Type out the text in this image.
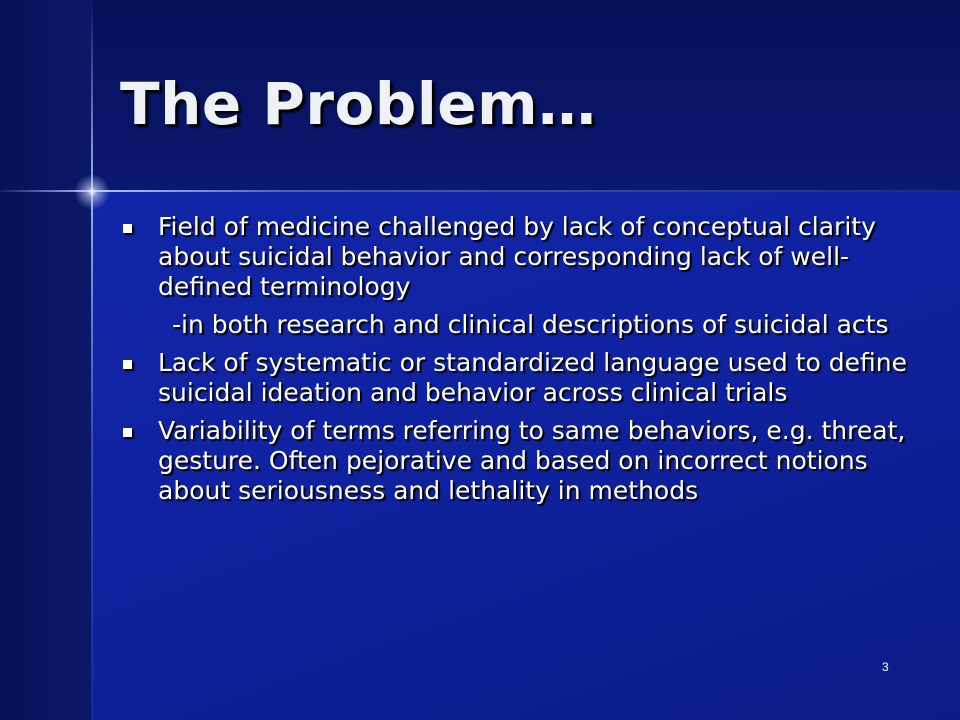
The Problem…
Field of medicine challenged by lack of conceptual clarity about suicidal behavior and corresponding lack of well-defined terminology
-in both research and clinical descriptions of suicidal acts
Lack of systematic or standardized language used to define suicidal ideation and behavior across clinical trials
Variability of terms referring to same behaviors, e.g. threat, gesture. Often pejorative and based on incorrect notions about seriousness and lethality in methods
3
